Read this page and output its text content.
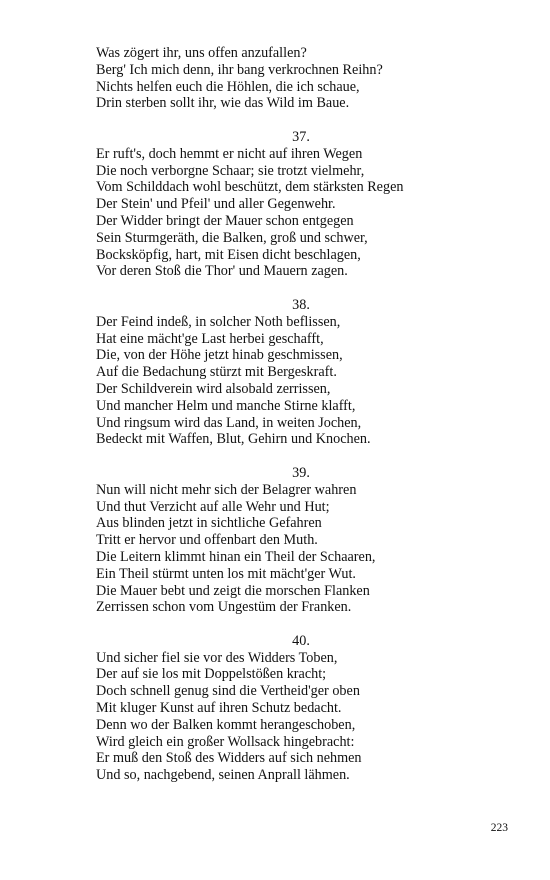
Was zögert ihr, uns offen anzufallen?
Berg' Ich mich denn, ihr bang verkrochnen Reihn?
Nichts helfen euch die Höhlen, die ich schaue,
Drin sterben sollt ihr, wie das Wild im Baue.
37.
Er ruft's, doch hemmt er nicht auf ihren Wegen
Die noch verborgne Schaar; sie trotzt vielmehr,
Vom Schilddach wohl beschützt, dem stärksten Regen
Der Stein' und Pfeil' und aller Gegenwehr.
Der Widder bringt der Mauer schon entgegen
Sein Sturmgeräth, die Balken, groß und schwer,
Bocksköpfig, hart, mit Eisen dicht beschlagen,
Vor deren Stoß die Thor' und Mauern zagen.
38.
Der Feind indeß, in solcher Noth beflissen,
Hat eine mächt'ge Last herbei geschafft,
Die, von der Höhe jetzt hinab geschmissen,
Auf die Bedachung stürzt mit Bergeskraft.
Der Schildverein wird alsobald zerrissen,
Und mancher Helm und manche Stirne klafft,
Und ringsum wird das Land, in weiten Jochen,
Bedeckt mit Waffen, Blut, Gehirn und Knochen.
39.
Nun will nicht mehr sich der Belagrer wahren
Und thut Verzicht auf alle Wehr und Hut;
Aus blinden jetzt in sichtliche Gefahren
Tritt er hervor und offenbart den Muth.
Die Leitern klimmt hinan ein Theil der Schaaren,
Ein Theil stürmt unten los mit mächt'ger Wut.
Die Mauer bebt und zeigt die morschen Flanken
Zerrissen schon vom Ungestüm der Franken.
40.
Und sicher fiel sie vor des Widders Toben,
Der auf sie los mit Doppelstößen kracht;
Doch schnell genug sind die Vertheid'ger oben
Mit kluger Kunst auf ihren Schutz bedacht.
Denn wo der Balken kommt herangeschoben,
Wird gleich ein großer Wollsack hingebracht:
Er muß den Stoß des Widders auf sich nehmen
Und so, nachgebend, seinen Anprall lähmen.
223
